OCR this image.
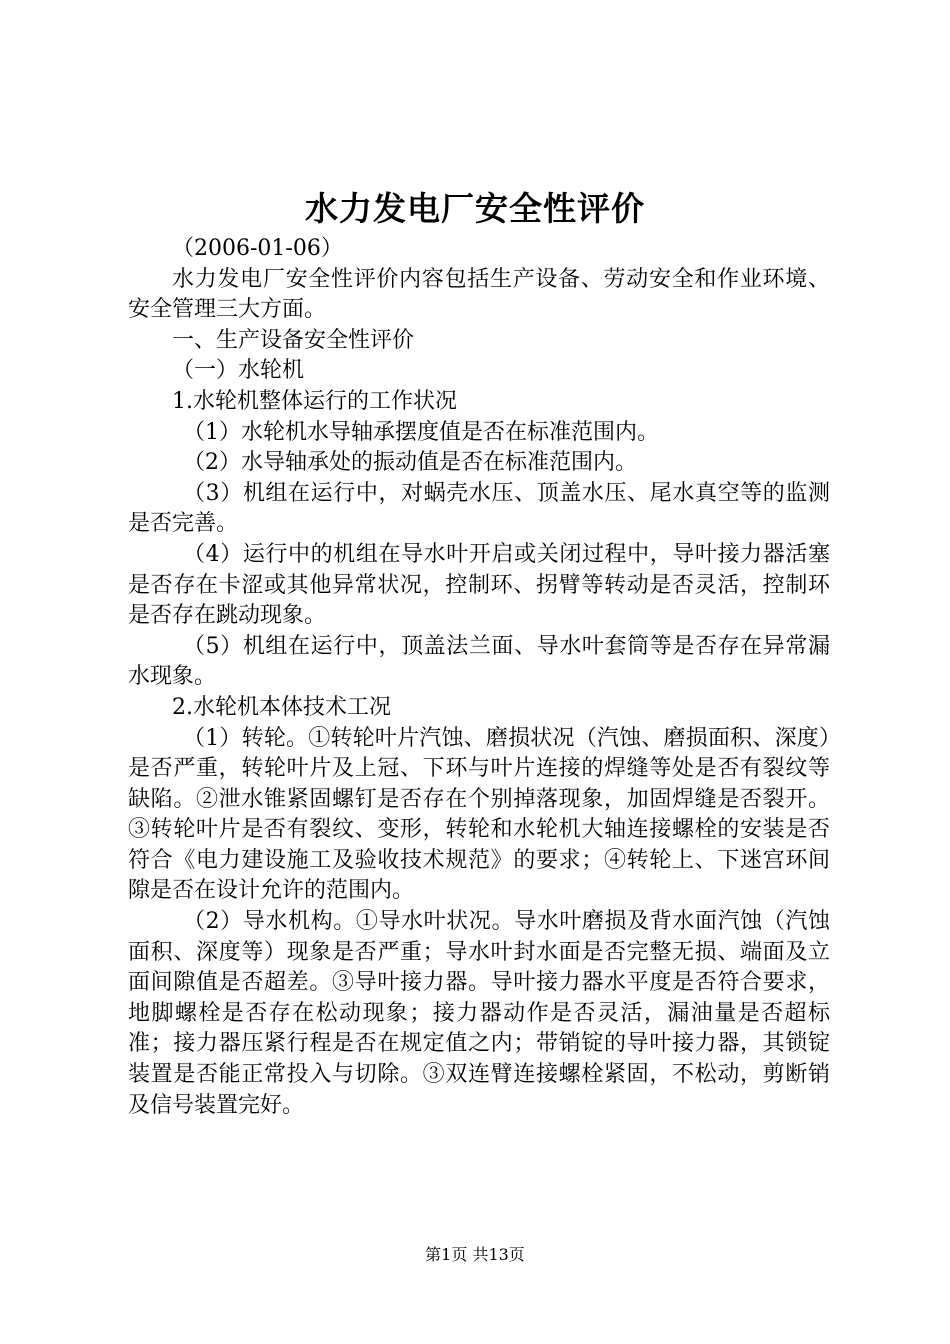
水力发电厂安全性评价

（2006-01-06）

水力发电厂安全性评价内容包括生产设备、劳动安全和作业环境、安全管理三大方面。

一、生产设备安全性评价

（一）水轮机

1.水轮机整体运行的工作状况

（1）水轮机水导轴承摆度值是否在标准范围内。

（2）水导轴承处的振动值是否在标准范围内。

（3）机组在运行中，对蜗壳水压、顶盖水压、尾水真空等的监测是否完善。

（4）运行中的机组在导水叶开启或关闭过程中，导叶接力器活塞是否存在卡涩或其他异常状况，控制环、拐臂等转动是否灵活，控制环是否存在跳动现象。

（5）机组在运行中，顶盖法兰面、导水叶套筒等是否存在异常漏水现象。

2.水轮机本体技术工况

（1）转轮。①转轮叶片汽蚀、磨损状况（汽蚀、磨损面积、深度）是否严重，转轮叶片及上冠、下环与叶片连接的焊缝等处是否有裂纹等缺陷。②泄水锥紧固螺钉是否存在个别掉落现象，加固焊缝是否裂开。③转轮叶片是否有裂纹、变形，转轮和水轮机大轴连接螺栓的安装是否符合《电力建设施工及验收技术规范》的要求；④转轮上、下迷宫环间隙是否在设计允许的范围内。

（2）导水机构。①导水叶状况。导水叶磨损及背水面汽蚀（汽蚀面积、深度等）现象是否严重；导水叶封水面是否完整无损、端面及立面间隙值是否超差。③导叶接力器。导叶接力器水平度是否符合要求，地脚螺栓是否存在松动现象；接力器动作是否灵活，漏油量是否超标准；接力器压紧行程是否在规定值之内；带销锭的导叶接力器，其锁锭装置是否能正常投入与切除。③双连臂连接螺栓紧固，不松动，剪断销及信号装置完好。

第1页 共13页
